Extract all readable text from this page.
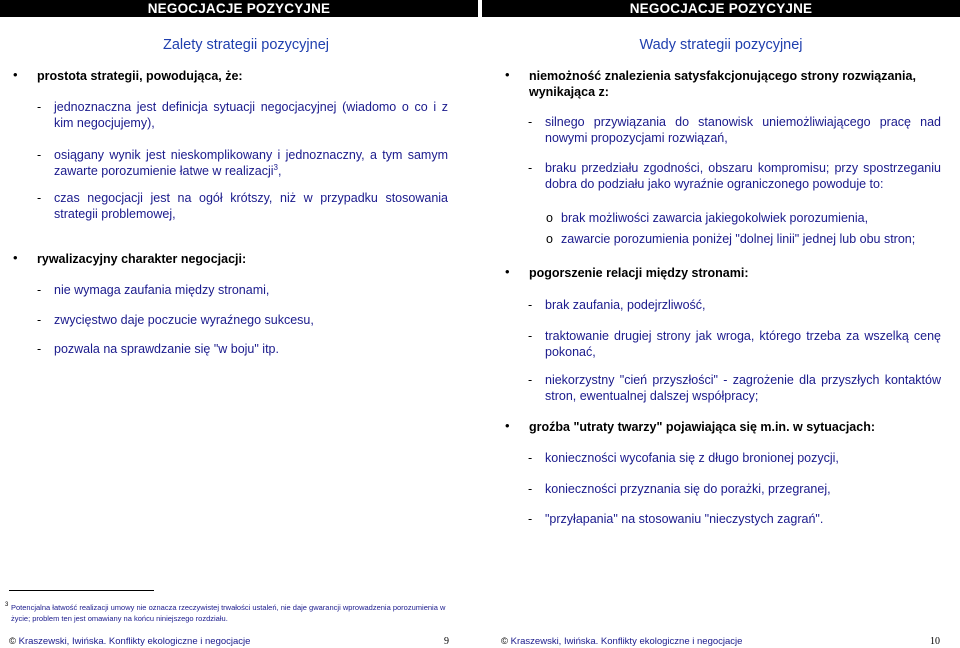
NEGOCJACJE POZYCYJNE
Zalety strategii pozycyjnej
• prostota strategii, powodująca, że:
- jednoznaczna jest definicja sytuacji negocjacyjnej (wiadomo o co i z kim negocjujemy),
- osiągany wynik jest nieskomplikowany i jednoznaczny, a tym samym zawarte porozumienie łatwe w realizacji$^3$,
- czas negocjacji jest na ogół krótszy, niż w przypadku stosowania strategii problemowej,
• rywalizacyjny charakter negocjacji:
- nie wymaga zaufania między stronami,
- zwycięstwo daje poczucie wyraźnego sukcesu,
- pozwala na sprawdzanie się "w boju" itp.
3 Potencjalna łatwość realizacji umowy nie oznacza rzeczywistej trwałości ustaleń, nie daje gwarancji wprowadzenia porozumienia w życie; problem ten jest omawiany na końcu niniejszego rozdziału.
© Kraszewski, Iwińska. Konflikty ekologiczne i negocjacje	9
NEGOCJACJE POZYCYJNE
Wady strategii pozycyjnej
• niemożność znalezienia satysfakcjonującego strony rozwiązania, wynikająca z:
- silnego przywiązania do stanowisk uniemożliwiającego pracę nad nowymi propozycjami rozwiązań,
- braku przedziału zgodności, obszaru kompromisu; przy spostrzeganiu dobra do podziału jako wyraźnie ograniczonego powoduje to:
o brak możliwości zawarcia jakiegokolwiek porozumienia,
o zawarcie porozumienia poniżej "dolnej linii" jednej lub obu stron;
• pogorszenie relacji między stronami:
- brak zaufania, podejrzliwość,
- traktowanie drugiej strony jak wroga, którego trzeba za wszelką cenę pokonać,
- niekorzystny "cień przyszłości" - zagrożenie dla przyszłych kontaktów stron, ewentualnej dalszej współpracy;
• groźba "utraty twarzy" pojawiająca się m.in. w sytuacjach:
- konieczności wycofania się z długo bronionej pozycji,
- konieczności przyznania się do porażki, przegranej,
- "przyłapania" na stosowaniu "nieczystych zagrań".
© Kraszewski, Iwińska. Konflikty ekologiczne i negocjacje	10
